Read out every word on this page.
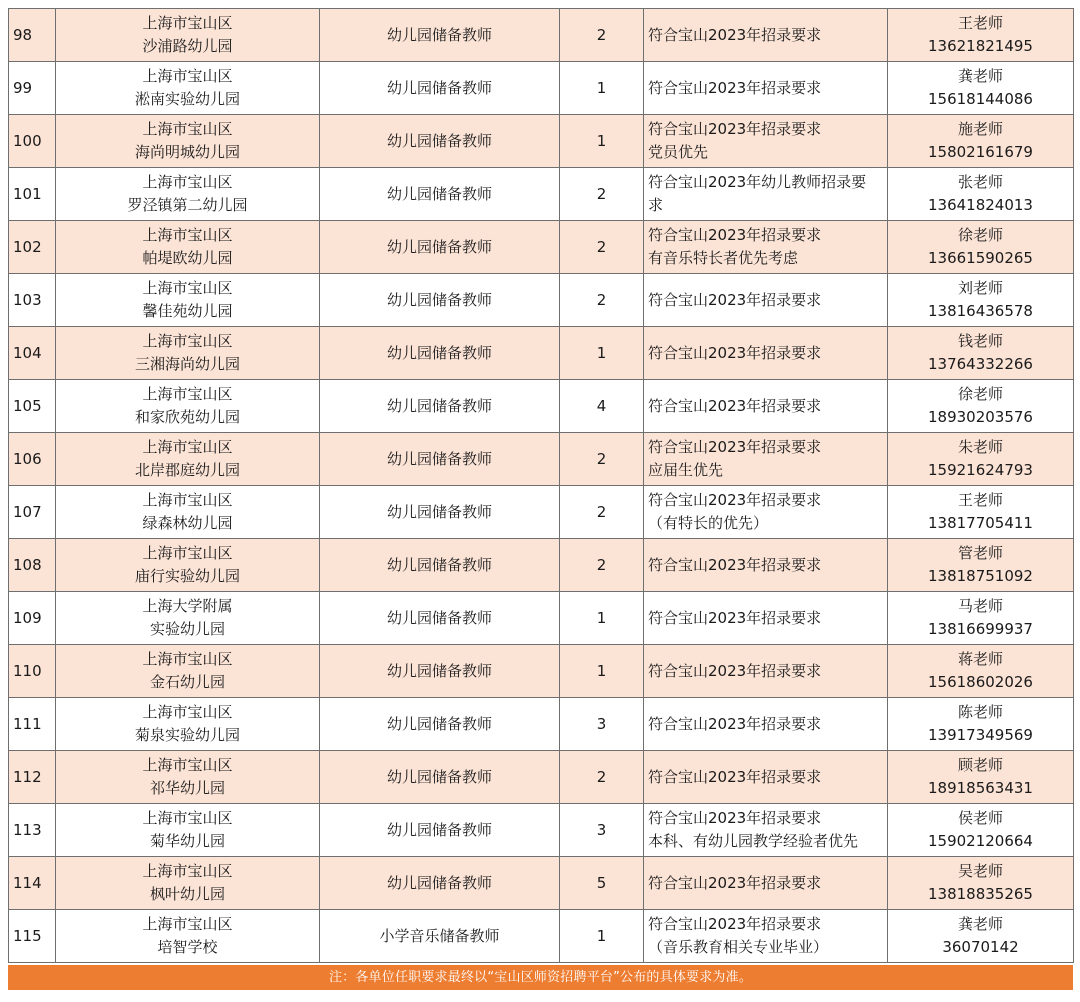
98	上海市宝山区
沙浦路幼儿园	幼儿园储备教师	2	符合宝山2023年招录要求	王老师
13621821495

99	上海市宝山区
淞南实验幼儿园	幼儿园储备教师	1	符合宝山2023年招录要求	龚老师
15618144086

100	上海市宝山区
海尚明城幼儿园	幼儿园储备教师	1	符合宝山2023年招录要求
党员优先	施老师
15802161679

101	上海市宝山区
罗泾镇第二幼儿园	幼儿园储备教师	2	符合宝山2023年幼儿教师招录要
求	张老师
13641824013

102	上海市宝山区
帕堤欧幼儿园	幼儿园储备教师	2	符合宝山2023年招录要求
有音乐特长者优先考虑	徐老师
13661590265

103	上海市宝山区
馨佳苑幼儿园	幼儿园储备教师	2	符合宝山2023年招录要求	刘老师
13816436578

104	上海市宝山区
三湘海尚幼儿园	幼儿园储备教师	1	符合宝山2023年招录要求	钱老师
13764332266

105	上海市宝山区
和家欣苑幼儿园	幼儿园储备教师	4	符合宝山2023年招录要求	徐老师
18930203576

106	上海市宝山区
北岸郡庭幼儿园	幼儿园储备教师	2	符合宝山2023年招录要求
应届生优先	朱老师
15921624793

107	上海市宝山区
绿森林幼儿园	幼儿园储备教师	2	符合宝山2023年招录要求
（有特长的优先）	王老师
13817705411

108	上海市宝山区
庙行实验幼儿园	幼儿园储备教师	2	符合宝山2023年招录要求	管老师
13818751092

109	上海大学附属
实验幼儿园	幼儿园储备教师	1	符合宝山2023年招录要求	马老师
13816699937

110	上海市宝山区
金石幼儿园	幼儿园储备教师	1	符合宝山2023年招录要求	蒋老师
15618602026

111	上海市宝山区
菊泉实验幼儿园	幼儿园储备教师	3	符合宝山2023年招录要求	陈老师
13917349569

112	上海市宝山区
祁华幼儿园	幼儿园储备教师	2	符合宝山2023年招录要求	顾老师
18918563431

113	上海市宝山区
菊华幼儿园	幼儿园储备教师	3	符合宝山2023年招录要求
本科、有幼儿园教学经验者优先	侯老师
15902120664

114	上海市宝山区
枫叶幼儿园	幼儿园储备教师	5	符合宝山2023年招录要求	吴老师
13818835265

115	上海市宝山区
培智学校	小学音乐储备教师	1	符合宝山2023年招录要求
（音乐教育相关专业毕业）	龚老师
36070142
注：各单位任职要求最终以“宝山区师资招聘平台”公布的具体要求为准。
